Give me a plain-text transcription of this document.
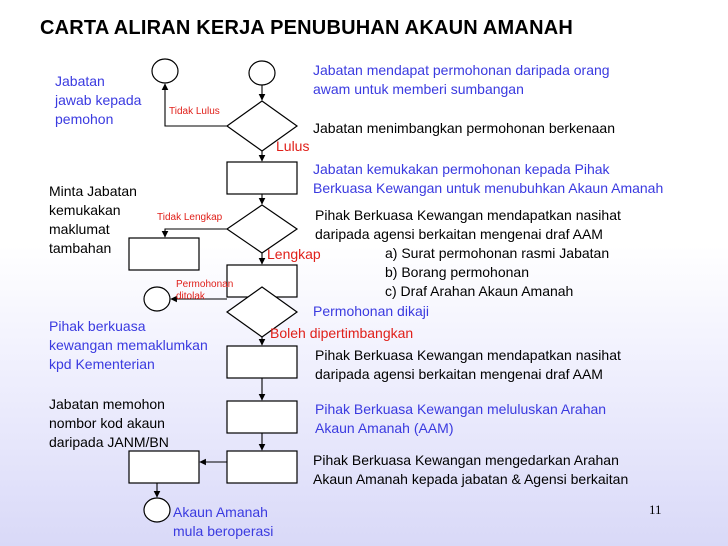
CARTA ALIRAN KERJA PENUBUHAN AKAUN AMANAH
Jabatan mendapat permohonan daripada orang
awam untuk memberi sumbangan
Jabatan menimbangkan permohonan berkenaan
Lulus
Jabatan kemukakan permohonan kepada Pihak
Berkuasa Kewangan untuk menubuhkan Akaun Amanah
Pihak Berkuasa Kewangan mendapatkan nasihat
daripada agensi berkaitan mengenai draf AAM
a) Surat permohonan rasmi Jabatan
b) Borang permohonan
c) Draf Arahan Akaun Amanah
Lengkap
Permohonan dikaji
Boleh dipertimbangkan
Pihak Berkuasa Kewangan mendapatkan nasihat
daripada agensi berkaitan mengenai draf AAM
Pihak Berkuasa Kewangan meluluskan Arahan
Akaun Amanah (AAM)
Pihak Berkuasa Kewangan mengedarkan Arahan
Akaun Amanah kepada jabatan & Agensi berkaitan
Jabatan
jawab kepada
pemohon	Tidak Lulus
Minta Jabatan
kemukakan
maklumat
tambahan
Tidak Lengkap
Permohonan
ditolak
Pihak berkuasa
kewangan memaklumkan
kpd Kementerian
Jabatan memohon
nombor kod akaun
daripada JANM/BN
Akaun Amanah
mula beroperasi
11
